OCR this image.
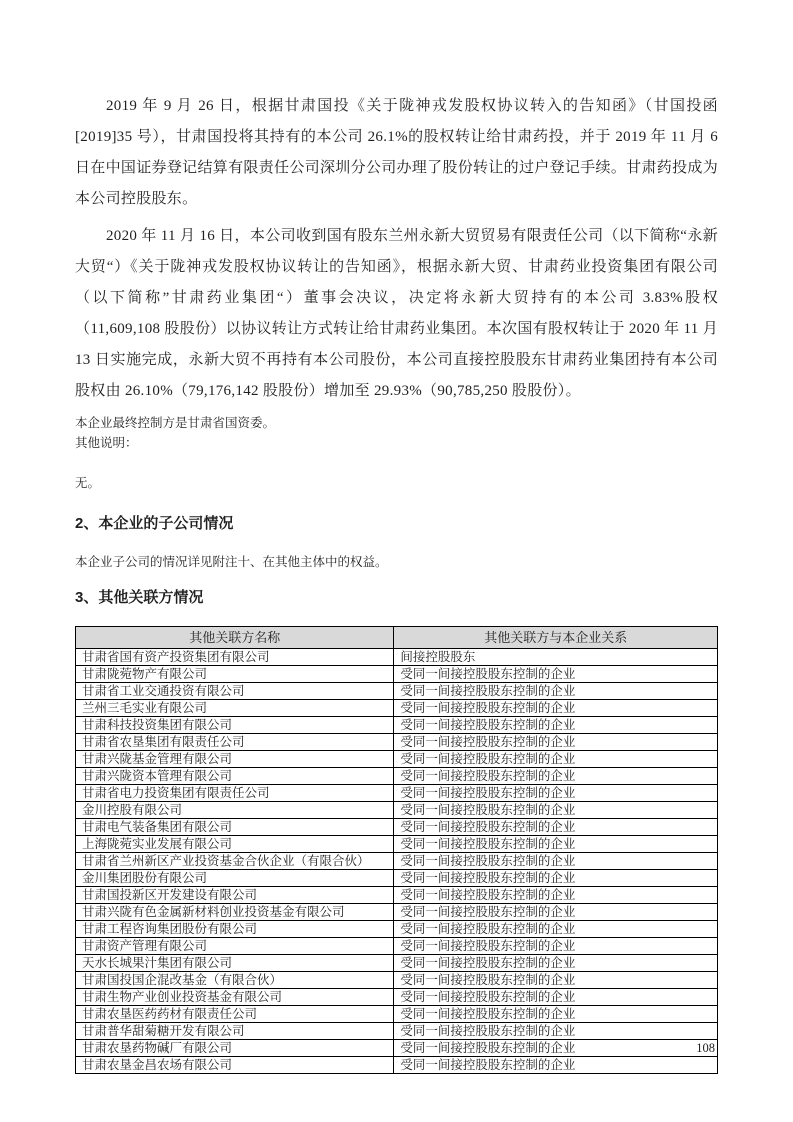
2019 年 9 月 26 日，根据甘肃国投《关于陇神戎发股权协议转入的告知函》（甘国投函[2019]35 号），甘肃国投将其持有的本公司 26.1%的股权转让给甘肃药投，并于 2019 年 11 月 6 日在中国证券登记结算有限责任公司深圳分公司办理了股份转让的过户登记手续。甘肃药投成为本公司控股股东。

2020 年 11 月 16 日，本公司收到国有股东兰州永新大贸贸易有限责任公司（以下简称“永新大贸“）《关于陇神戎发股权协议转让的告知函》，根据永新大贸、甘肃药业投资集团有限公司（以下简称”甘肃药业集团“）董事会决议，决定将永新大贸持有的本公司 3.83%股权（11,609,108 股股份）以协议转让方式转让给甘肃药业集团。本次国有股权转让于 2020 年 11 月 13 日实施完成，永新大贸不再持有本公司股份，本公司直接控股股东甘肃药业集团持有本公司股权由 26.10%（79,176,142 股股份）增加至 29.93%（90,785,250 股股份）。

本企业最终控制方是甘肃省国资委。

其他说明：

无。

2、本企业的子公司情况

本企业子公司的情况详见附注十、在其他主体中的权益。

3、其他关联方情况
其他关联方名称	其他关联方与本企业关系
甘肃省国有资产投资集团有限公司	间接控股股东
甘肃陇菀物产有限公司	受同一间接控股股东控制的企业
甘肃省工业交通投资有限公司	受同一间接控股股东控制的企业
兰州三毛实业有限公司	受同一间接控股股东控制的企业
甘肃科技投资集团有限公司	受同一间接控股股东控制的企业
甘肃省农垦集团有限责任公司	受同一间接控股股东控制的企业
甘肃兴陇基金管理有限公司	受同一间接控股股东控制的企业
甘肃兴陇资本管理有限公司	受同一间接控股股东控制的企业
甘肃省电力投资集团有限责任公司	受同一间接控股股东控制的企业
金川控股有限公司	受同一间接控股股东控制的企业
甘肃电气装备集团有限公司	受同一间接控股股东控制的企业
上海陇菀实业发展有限公司	受同一间接控股股东控制的企业
甘肃省兰州新区产业投资基金合伙企业（有限合伙）	受同一间接控股股东控制的企业
金川集团股份有限公司	受同一间接控股股东控制的企业
甘肃国投新区开发建设有限公司	受同一间接控股股东控制的企业
甘肃兴陇有色金属新材料创业投资基金有限公司	受同一间接控股股东控制的企业
甘肃工程咨询集团股份有限公司	受同一间接控股股东控制的企业
甘肃资产管理有限公司	受同一间接控股股东控制的企业
天水长城果汁集团有限公司	受同一间接控股股东控制的企业
甘肃国投国企混改基金（有限合伙）	受同一间接控股股东控制的企业
甘肃生物产业创业投资基金有限公司	受同一间接控股股东控制的企业
甘肃农垦医药药材有限责任公司	受同一间接控股股东控制的企业
甘肃普华甜菊糖开发有限公司	受同一间接控股股东控制的企业
甘肃农垦药物碱厂有限公司	受同一间接控股股东控制的企业
甘肃农垦金昌农场有限公司	受同一间接控股股东控制的企业
108
